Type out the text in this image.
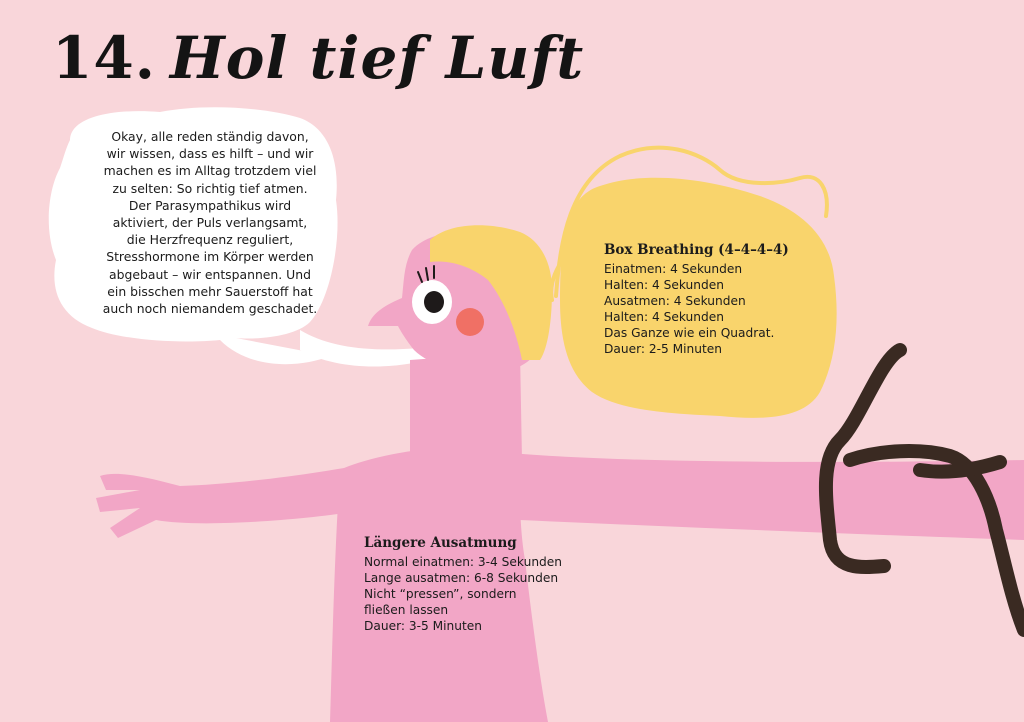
14. Hol tief Luft
Okay, alle reden ständig davon,
wir wissen, dass es hilft – und wir
machen es im Alltag trotzdem viel
zu selten: So richtig tief atmen.
Der Parasympathikus wird
aktiviert, der Puls verlangsamt,
die Herzfrequenz reguliert,
Stresshormone im Körper werden
abgebaut – wir entspannen. Und
ein bisschen mehr Sauerstoff hat
auch noch niemandem geschadet.
Box Breathing (4–4–4–4)
Einatmen: 4 Sekunden
Halten: 4 Sekunden
Ausatmen: 4 Sekunden
Halten: 4 Sekunden
Das Ganze wie ein Quadrat.
Dauer: 2-5 Minuten
Längere Ausatmung
Normal einatmen: 3-4 Sekunden
Lange ausatmen: 6-8 Sekunden
Nicht “pressen”, sondern
fließen lassen
Dauer: 3-5 Minuten
